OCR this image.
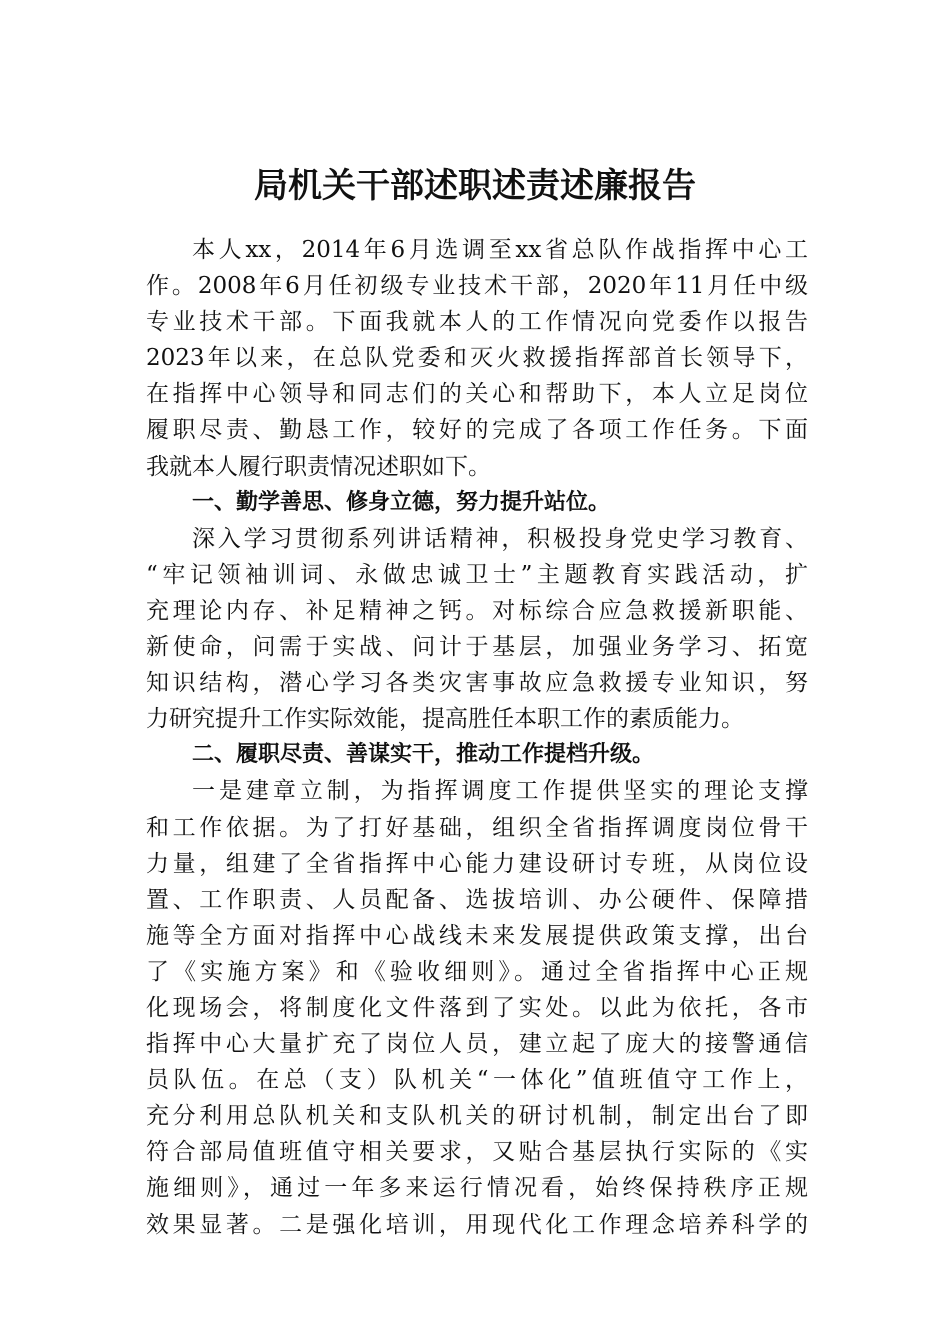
局机关干部述职述责述廉报告
本人xx，2014年6月选调至xx省总队作战指挥中心工
作。2008年6月任初级专业技术干部，2020年11月任中级
专业技术干部。下面我就本人的工作情况向党委作以报告
2023年以来，在总队党委和灭火救援指挥部首长领导下，
在指挥中心领导和同志们的关心和帮助下，本人立足岗位
履职尽责、勤恳工作，较好的完成了各项工作任务。下面
我就本人履行职责情况述职如下。
一、勤学善思、修身立德，努力提升站位。
深入学习贯彻系列讲话精神，积极投身党史学习教育、
“牢记领袖训词、永做忠诚卫士”主题教育实践活动，扩
充理论内存、补足精神之钙。对标综合应急救援新职能、
新使命，问需于实战、问计于基层，加强业务学习、拓宽
知识结构，潜心学习各类灾害事故应急救援专业知识，努
力研究提升工作实际效能，提高胜任本职工作的素质能力。
二、履职尽责、善谋实干，推动工作提档升级。
一是建章立制，为指挥调度工作提供坚实的理论支撑
和工作依据。为了打好基础，组织全省指挥调度岗位骨干
力量，组建了全省指挥中心能力建设研讨专班，从岗位设
置、工作职责、人员配备、选拔培训、办公硬件、保障措
施等全方面对指挥中心战线未来发展提供政策支撑，出台
了《实施方案》和《验收细则》。通过全省指挥中心正规
化现场会，将制度化文件落到了实处。以此为依托，各市
指挥中心大量扩充了岗位人员，建立起了庞大的接警通信
员队伍。在总（支）队机关“一体化”值班值守工作上，
充分利用总队机关和支队机关的研讨机制，制定出台了即
符合部局值班值守相关要求，又贴合基层执行实际的《实
施细则》，通过一年多来运行情况看，始终保持秩序正规
效果显著。二是强化培训，用现代化工作理念培养科学的
